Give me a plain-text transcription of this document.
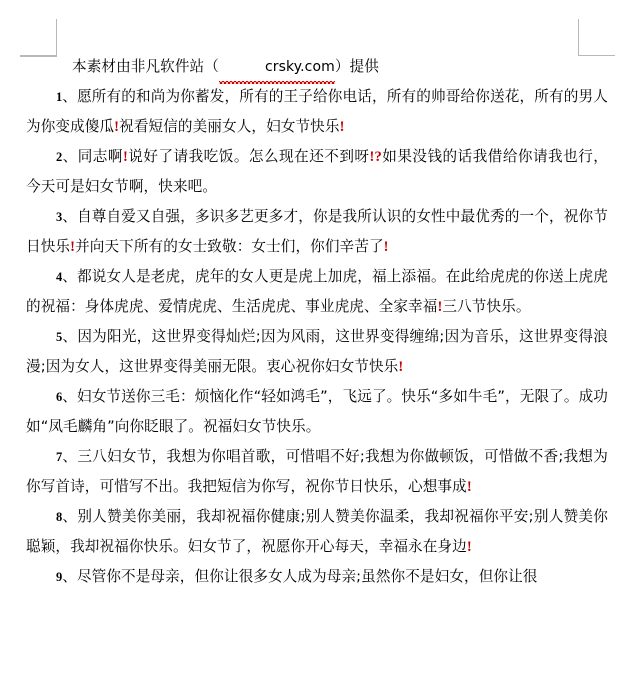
本素材由非凡软件站（	crsky.com）提供

1、愿所有的和尚为你蓄发，所有的王子给你电话，所有的帅哥给你送花，所有的男人为你变成傻瓜!祝看短信的美丽女人，妇女节快乐!

2、同志啊!说好了请我吃饭。怎么现在还不到呀!?如果没钱的话我借给你请我也行，今天可是妇女节啊，快来吧。

3、自尊自爱又自强，多识多艺更多才，你是我所认识的女性中最优秀的一个，祝你节日快乐!并向天下所有的女士致敬：女士们，你们辛苦了!

4、都说女人是老虎，虎年的女人更是虎上加虎，福上添福。在此给虎虎的你送上虎虎的祝福：身体虎虎、爱情虎虎、生活虎虎、事业虎虎、全家幸福!三八节快乐。

5、因为阳光，这世界变得灿烂;因为风雨，这世界变得缠绵;因为音乐，这世界变得浪漫;因为女人，这世界变得美丽无限。衷心祝你妇女节快乐!

6、妇女节送你三毛：烦恼化作“轻如鸿毛”，飞远了。快乐“多如牛毛”，无限了。成功如“凤毛麟角”向你眨眼了。祝福妇女节快乐。

7、三八妇女节，我想为你唱首歌，可惜唱不好;我想为你做顿饭，可惜做不香;我想为你写首诗，可惜写不出。我把短信为你写，祝你节日快乐，心想事成!

8、别人赞美你美丽，我却祝福你健康;别人赞美你温柔，我却祝福你平安;别人赞美你聪颖，我却祝福你快乐。妇女节了，祝愿你开心每天，幸福永在身边!

9、尽管你不是母亲，但你让很多女人成为母亲;虽然你不是妇女，但你让很
